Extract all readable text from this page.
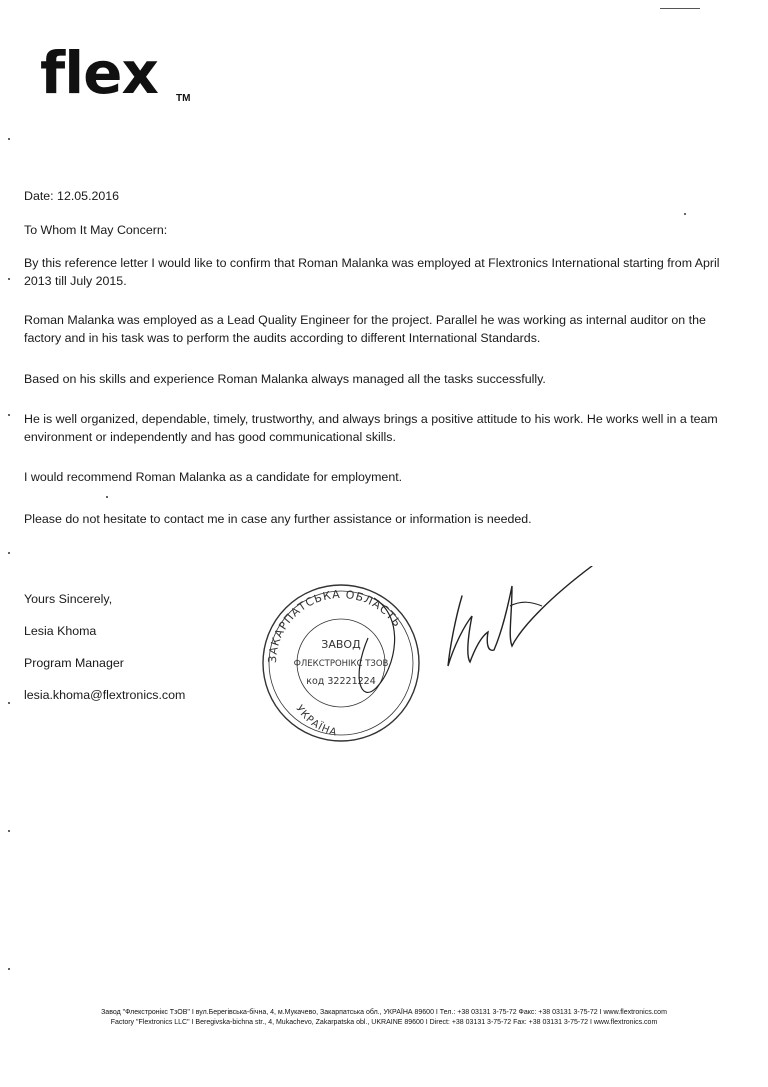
flex TM
Date: 12.05.2016
To Whom It May Concern:
By this reference letter I would like to confirm that Roman Malanka was employed at Flextronics International starting from April 2013 till July 2015.
Roman Malanka was employed as a Lead Quality Engineer for the project. Parallel he was working as internal auditor on the factory and in his task was to perform the audits according to different International Standards.
Based on his skills and experience Roman Malanka always managed all the tasks successfully.
He is well organized, dependable, timely, trustworthy, and always brings a positive attitude to his work. He works well in a team environment or independently and has good communicational skills.
I would recommend Roman Malanka as a candidate for employment.
Please do not hesitate to contact me in case any further assistance or information is needed.
Yours Sincerely,
Lesia Khoma
Program Manager
lesia.khoma@flextronics.com
ЗАКАРПАТСЬКА ОБЛАСТЬ
УКРАЇНА
ЗАВОД
ФЛЕКСТРОНІКС ТЗОВ
код 32221224
Завод "Флекстронікс ТзОВ" І вул.Берегівська-бічна, 4, м.Мукачево, Закарпатська обл., УКРАЇНА 89600 І Тел.: +38 03131 3-75-72 Факс: +38 03131 3-75-72 І www.flextronics.com
Factory "Flextronics LLC" І Beregivska-bichna str., 4, Mukachevo, Zakarpatska obl., UKRAINE 89600 І Direct: +38 03131 3-75-72 Fax: +38 03131 3-75-72 І www.flextronics.com
